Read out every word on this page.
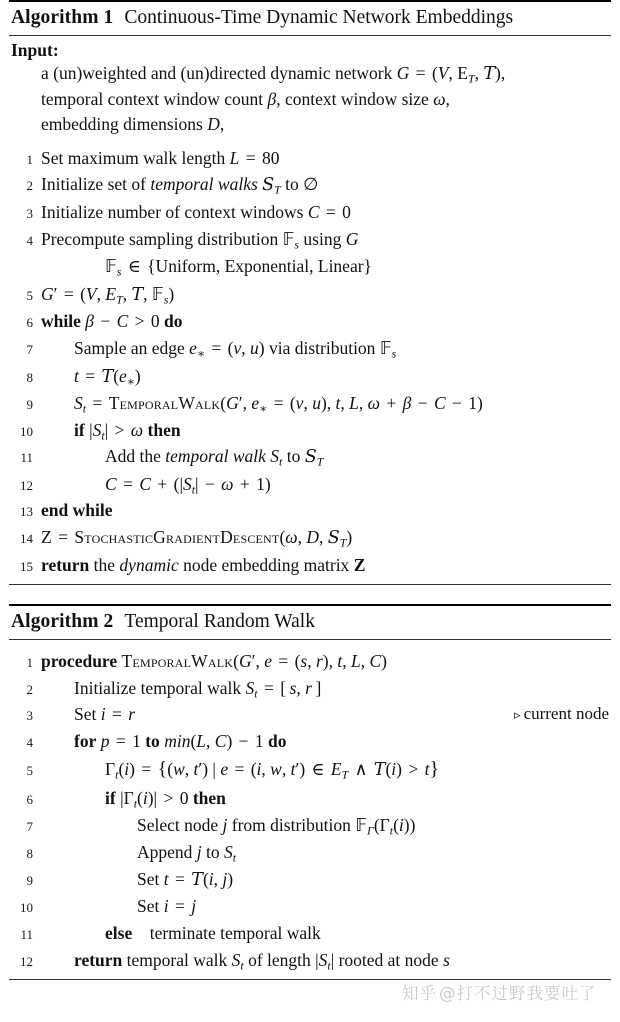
Algorithm 1 Continuous-Time Dynamic Network Embeddings
Input:
a (un)weighted and (un)directed dynamic network G = (V, $E_T$, T),
temporal context window count β, context window size ω,
embedding dimensions D,
1 Set maximum walk length L = 80
2 Initialize set of temporal walks $S_T$ to ∅
3 Initialize number of context windows C = 0
4 Precompute sampling distribution 𝔽$_s$ using G
𝔽$_s$ ∈ {Uniform, Exponential, Linear}
5 G′ = (V, $E_T$, T, 𝔽$_s$)
6 while β − C > 0 do
7	Sample an edge $e_∗ = (v$, u) via distribution 𝔽$_s$
8	$t = T(e_∗)$
9	$S_t$ = TemporalWalk(G′, $e_∗ = (v$, u), t, L, ω + β − C − 1)
10	if $|S_t| > \omega$ then
11	Add the temporal walk $S_t$ to $S_T$
12	$C = C + (|S_t| - \omega + 1)$
13 end while
14 Z = StochasticGradientDescent(ω, D, $S_T$)
15 return the dynamic node embedding matrix Z
Algorithm 2 Temporal Random Walk
1 procedure TemporalWalk(G′, e = (s, r), t, L, C)
2	Initialize temporal walk $S_t$ = [ s, r ]
3	Set i = r	▹ current node
4	for p = 1 to min(L, C) − 1 do
5	$\Gamma_t(i) = \{(w$, t′) | e = (i, w, t′) ∈ $E_T$ ∧ T(i) > t}
6	if $|\Gamma_t(i)| > 0$ then
7	Select node j from distribution $𝔽_\Gamma(\Gamma_t(i))$
8	Append j to $S_t$
9	Set t = T(i, j)
10	Set i = j
11	else terminate temporal walk
12	return temporal walk $S_t$ of length $|S_t|$ rooted at node s
知乎 @打不过野我要吐了
